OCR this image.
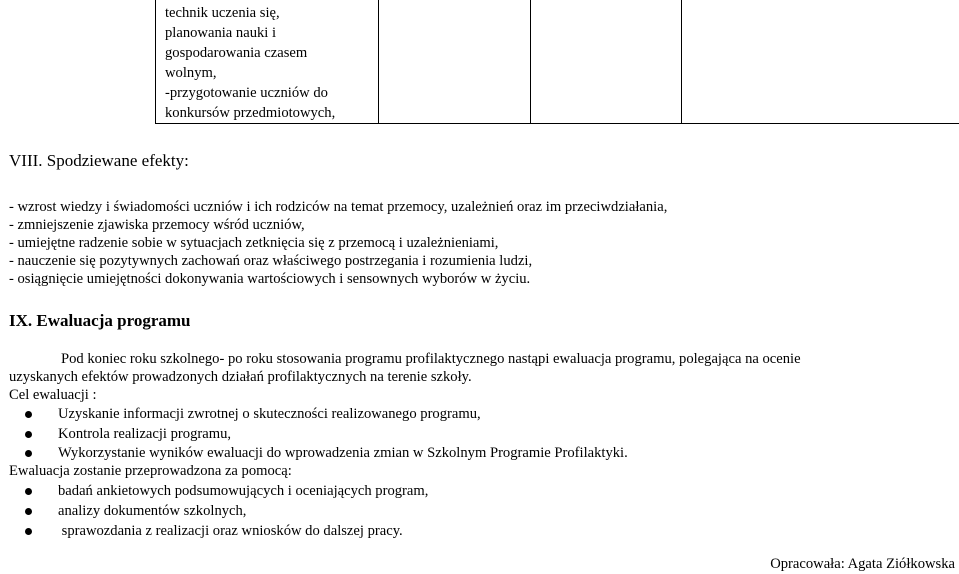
technik uczenia się,
planowania nauki i
gospodarowania czasem
wolnym,
-przygotowanie uczniów do
konkursów przedmiotowych,

VIII. Spodziewane efekty:
- wzrost wiedzy i świadomości uczniów i ich rodziców na temat przemocy, uzależnień oraz im przeciwdziałania,
- zmniejszenie zjawiska przemocy wśród uczniów,
- umiejętne radzenie sobie w sytuacjach zetknięcia się z przemocą i uzależnieniami,
- nauczenie się pozytywnych zachowań oraz właściwego postrzegania i rozumienia ludzi,
- osiągnięcie umiejętności dokonywania wartościowych i sensownych wyborów w życiu.
IX. Ewaluacja programu
Pod koniec roku szkolnego- po roku stosowania programu profilaktycznego nastąpi ewaluacja programu, polegająca na ocenie
uzyskanych efektów prowadzonych działań profilaktycznych na terenie szkoły.
Cel ewaluacji :
Uzyskanie informacji zwrotnej o skuteczności realizowanego programu,
Kontrola realizacji programu,
Wykorzystanie wyników ewaluacji do wprowadzenia zmian w Szkolnym Programie Profilaktyki.
Ewaluacja zostanie przeprowadzona za pomocą:
badań ankietowych podsumowujących i oceniających program,
analizy dokumentów szkolnych,
sprawozdania z realizacji oraz wniosków do dalszej pracy.
Opracowała: Agata Ziółkowska
